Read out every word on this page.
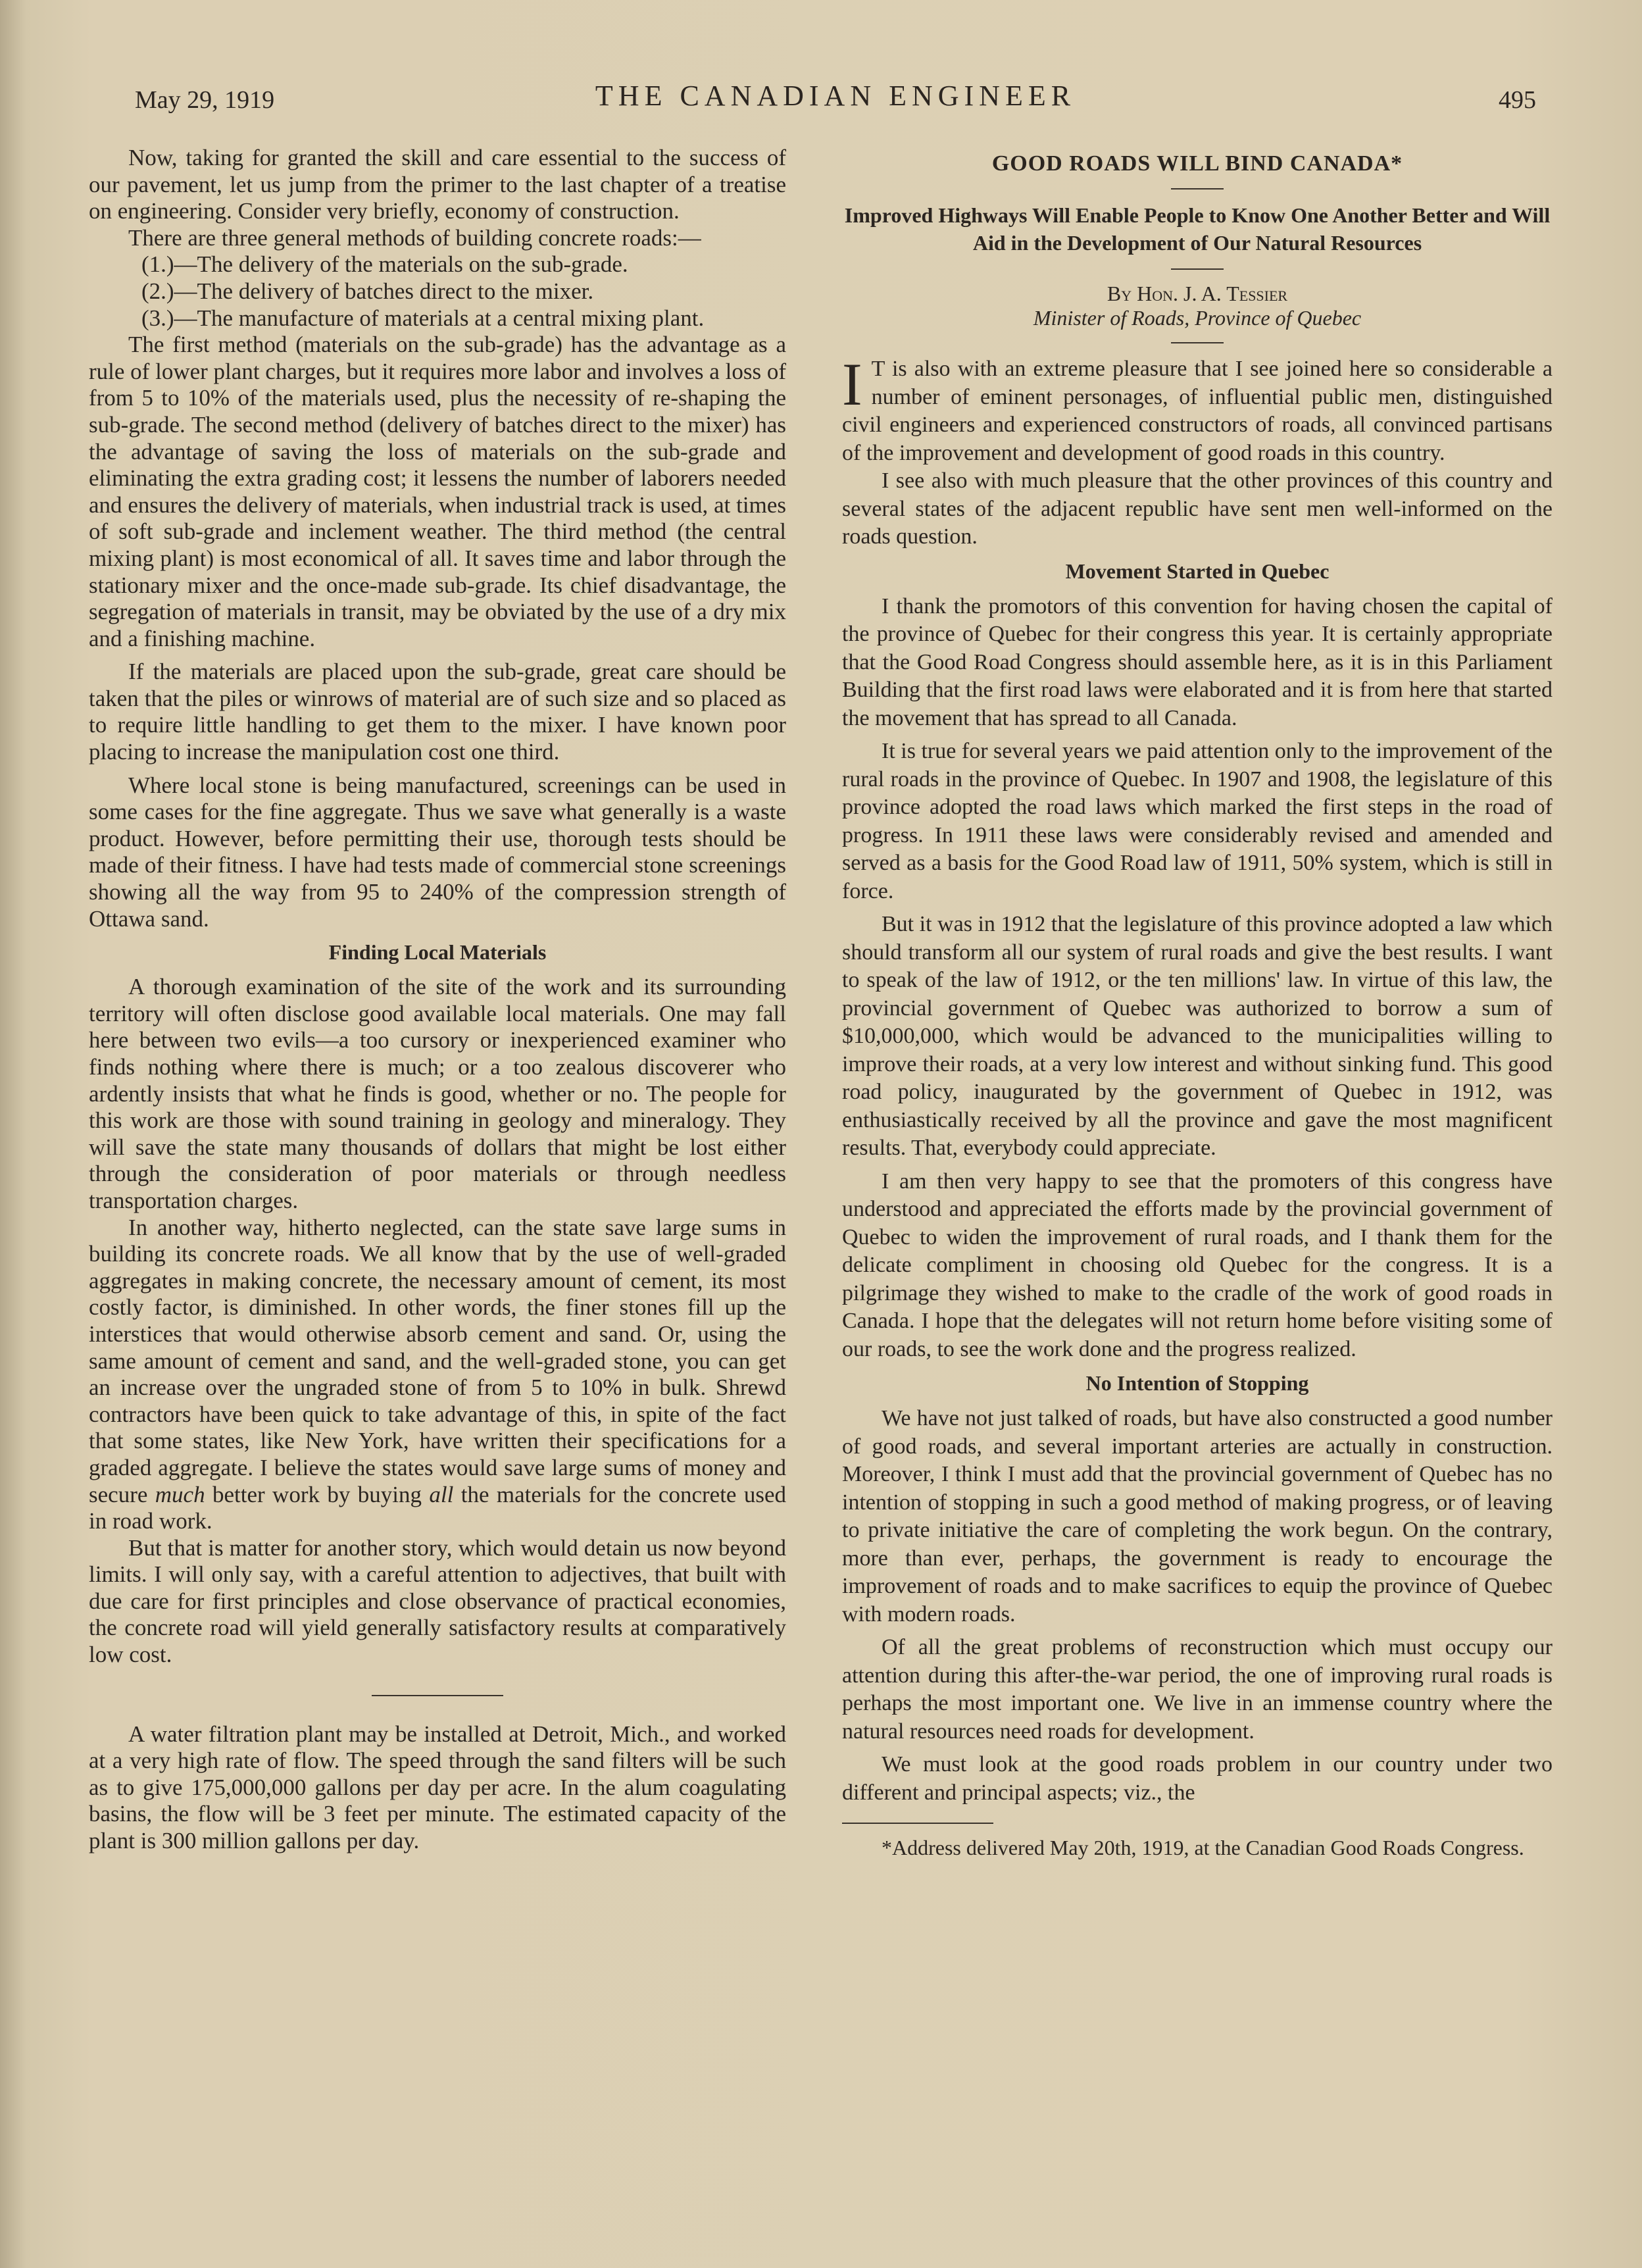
May 29, 1919	THE CANADIAN ENGINEER	495

Now, taking for granted the skill and care essential to the success of our pavement, let us jump from the primer to the last chapter of a treatise on engineering. Consider very briefly, economy of construction.

There are three general methods of building concrete roads:—

(1.)—The delivery of the materials on the sub-grade.

(2.)—The delivery of batches direct to the mixer.

(3.)—The manufacture of materials at a central mixing plant.

The first method (materials on the sub-grade) has the advantage as a rule of lower plant charges, but it requires more labor and involves a loss of from 5 to 10% of the materials used, plus the necessity of re-shaping the sub-grade. The second method (delivery of batches direct to the mixer) has the advantage of saving the loss of materials on the sub-grade and eliminating the extra grading cost; it lessens the number of laborers needed and ensures the delivery of materials, when industrial track is used, at times of soft sub-grade and inclement weather. The third method (the central mixing plant) is most economical of all. It saves time and labor through the stationary mixer and the once-made sub-grade. Its chief disadvantage, the segregation of materials in transit, may be obviated by the use of a dry mix and a finishing machine.

If the materials are placed upon the sub-grade, great care should be taken that the piles or winrows of material are of such size and so placed as to require little handling to get them to the mixer. I have known poor placing to increase the manipulation cost one third.

Where local stone is being manufactured, screenings can be used in some cases for the fine aggregate. Thus we save what generally is a waste product. However, before permitting their use, thorough tests should be made of their fitness. I have had tests made of commercial stone screenings showing all the way from 95 to 240% of the compression strength of Ottawa sand.

Finding Local Materials

A thorough examination of the site of the work and its surrounding territory will often disclose good available local materials. One may fall here between two evils—a too cursory or inexperienced examiner who finds nothing where there is much; or a too zealous discoverer who ardently insists that what he finds is good, whether or no. The people for this work are those with sound training in geology and mineralogy. They will save the state many thousands of dollars that might be lost either through the consideration of poor materials or through needless transportation charges.

In another way, hitherto neglected, can the state save large sums in building its concrete roads. We all know that by the use of well-graded aggregates in making concrete, the necessary amount of cement, its most costly factor, is diminished. In other words, the finer stones fill up the interstices that would otherwise absorb cement and sand. Or, using the same amount of cement and sand, and the well-graded stone, you can get an increase over the ungraded stone of from 5 to 10% in bulk. Shrewd contractors have been quick to take advantage of this, in spite of the fact that some states, like New York, have written their specifications for a graded aggregate. I believe the states would save large sums of money and secure much better work by buying all the materials for the concrete used in road work.

But that is matter for another story, which would detain us now beyond limits. I will only say, with a careful attention to adjectives, that built with due care for first principles and close observance of practical economies, the concrete road will yield generally satisfactory results at comparatively low cost.

A water filtration plant may be installed at Detroit, Mich., and worked at a very high rate of flow. The speed through the sand filters will be such as to give 175,000,000 gallons per day per acre. In the alum coagulating basins, the flow will be 3 feet per minute. The estimated capacity of the plant is 300 million gallons per day.

GOOD ROADS WILL BIND CANADA*
Improved Highways Will Enable People to Know One Another Better and Will Aid in the Development of Our Natural Resources
By Hon. J. A. Tessier
Minister of Roads, Province of Quebec

I T is also with an extreme pleasure that I see joined here so considerable a number of eminent personages, of influential public men, distinguished civil engineers and experienced constructors of roads, all convinced partisans of the improvement and development of good roads in this country.

I see also with much pleasure that the other provinces of this country and several states of the adjacent republic have sent men well-informed on the roads question.

Movement Started in Quebec

I thank the promotors of this convention for having chosen the capital of the province of Quebec for their congress this year. It is certainly appropriate that the Good Road Congress should assemble here, as it is in this Parliament Building that the first road laws were elaborated and it is from here that started the movement that has spread to all Canada.

It is true for several years we paid attention only to the improvement of the rural roads in the province of Quebec. In 1907 and 1908, the legislature of this province adopted the road laws which marked the first steps in the road of progress. In 1911 these laws were considerably revised and amended and served as a basis for the Good Road law of 1911, 50% system, which is still in force.

But it was in 1912 that the legislature of this province adopted a law which should transform all our system of rural roads and give the best results. I want to speak of the law of 1912, or the ten millions' law. In virtue of this law, the provincial government of Quebec was authorized to borrow a sum of $10,000,000, which would be advanced to the municipalities willing to improve their roads, at a very low interest and without sinking fund. This good road policy, inaugurated by the government of Quebec in 1912, was enthusiastically received by all the province and gave the most magnificent results. That, everybody could appreciate.

I am then very happy to see that the promoters of this congress have understood and appreciated the efforts made by the provincial government of Quebec to widen the improvement of rural roads, and I thank them for the delicate compliment in choosing old Quebec for the congress. It is a pilgrimage they wished to make to the cradle of the work of good roads in Canada. I hope that the delegates will not return home before visiting some of our roads, to see the work done and the progress realized.

No Intention of Stopping

We have not just talked of roads, but have also constructed a good number of good roads, and several important arteries are actually in construction. Moreover, I think I must add that the provincial government of Quebec has no intention of stopping in such a good method of making progress, or of leaving to private initiative the care of completing the work begun. On the contrary, more than ever, perhaps, the government is ready to encourage the improvement of roads and to make sacrifices to equip the province of Quebec with modern roads.

Of all the great problems of reconstruction which must occupy our attention during this after-the-war period, the one of improving rural roads is perhaps the most important one. We live in an immense country where the natural resources need roads for development.

We must look at the good roads problem in our country under two different and principal aspects; viz., the

*Address delivered May 20th, 1919, at the Canadian Good Roads Congress.
